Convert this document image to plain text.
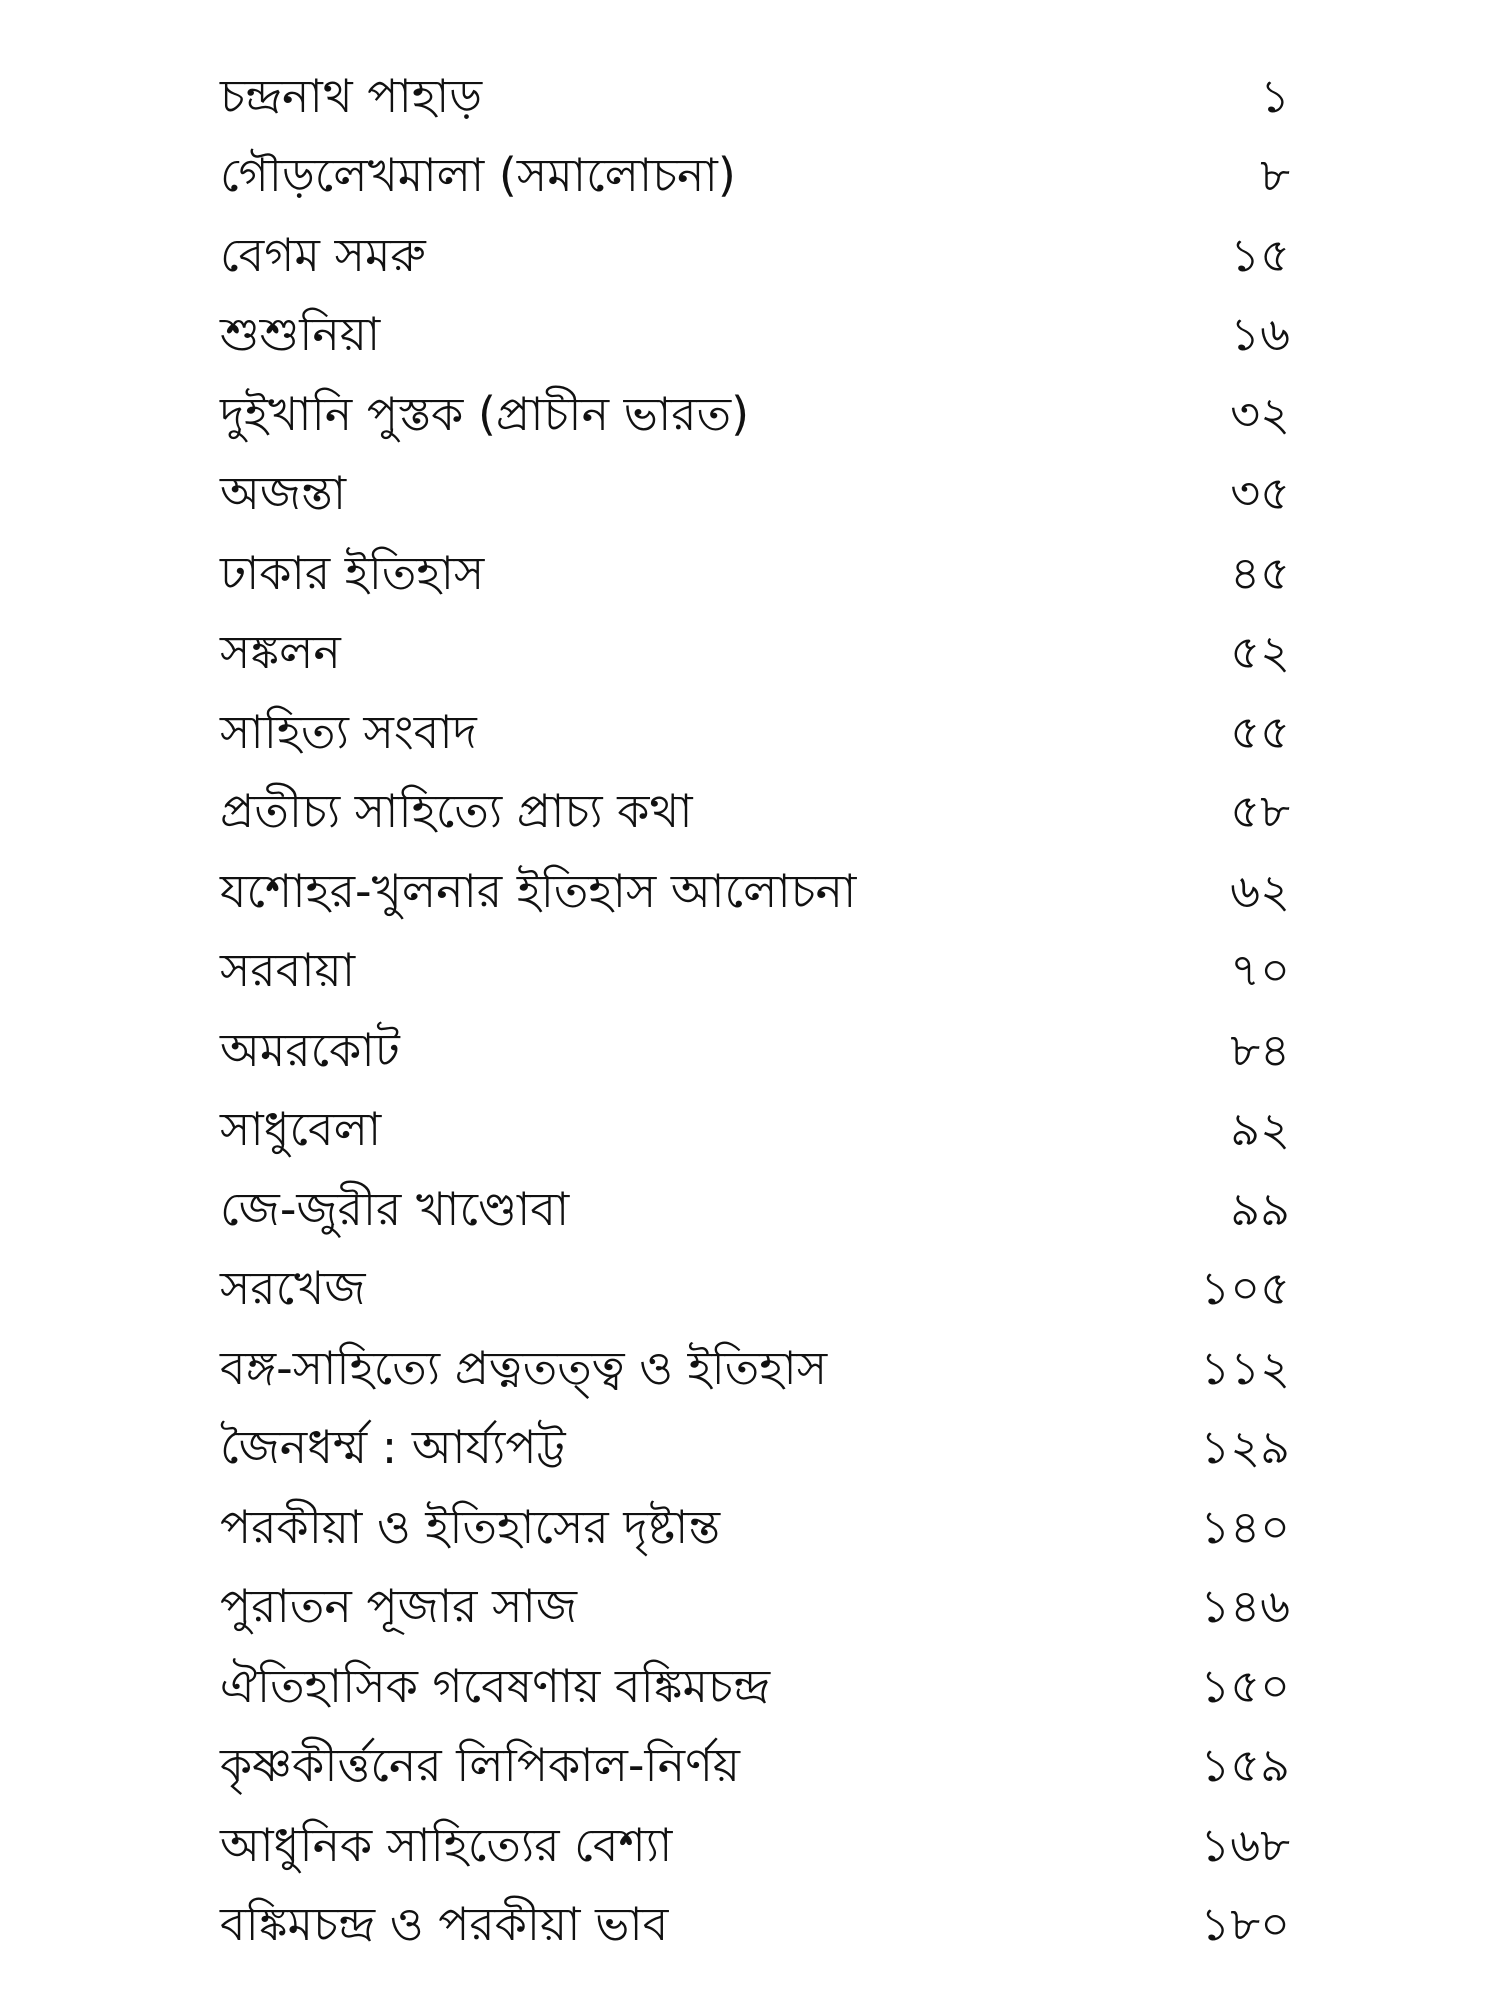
চন্দ্রনাথ পাহাড়	১
গৌড়লেখমালা (সমালোচনা)	৮
বেগম সমরু	১৫
শুশুনিয়া	১৬
দুইখানি পুস্তক (প্রাচীন ভারত)	৩২
অজন্তা	৩৫
ঢাকার ইতিহাস	৪৫
সঙ্কলন	৫২
সাহিত্য সংবাদ	৫৫
প্রতীচ্য সাহিত্যে প্রাচ্য কথা	৫৮
যশোহর-খুলনার ইতিহাস আলোচনা	৬২
সরবায়া	৭০
অমরকোট	৮৪
সাধুবেলা	৯২
জে-জুরীর খাণ্ডোবা	৯৯
সরখেজ	১০৫
বঙ্গ-সাহিত্যে প্রত্নতত্ত্ব ও ইতিহাস	১১২
জৈনধর্ম্ম : আর্য্যপট্ট	১২৯
পরকীয়া ও ইতিহাসের দৃষ্টান্ত	১৪০
পুরাতন পূজার সাজ	১৪৬
ঐতিহাসিক গবেষণায় বঙ্কিমচন্দ্র	১৫০
কৃষ্ণকীর্ত্তনের লিপিকাল-নির্ণয়	১৫৯
আধুনিক সাহিত্যের বেশ্যা	১৬৮
বঙ্কিমচন্দ্র ও পরকীয়া ভাব	১৮০
